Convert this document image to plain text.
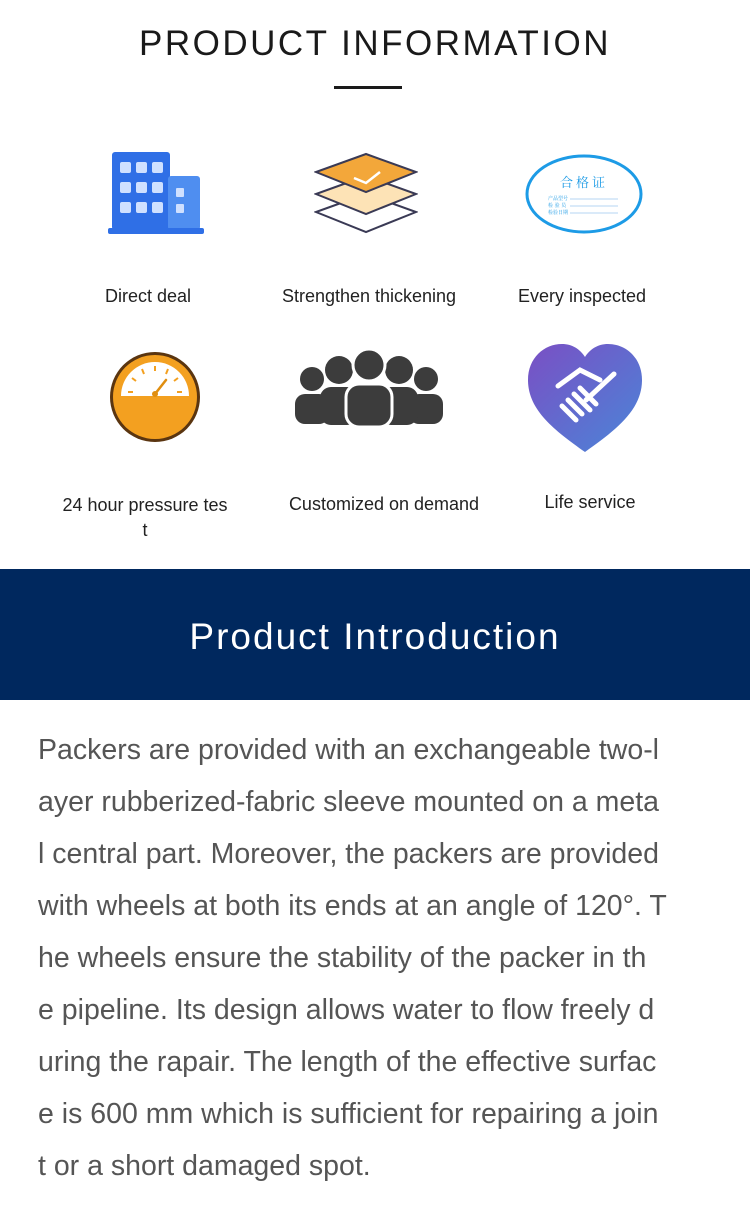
PRODUCT INFORMATION
Direct deal	Strengthen thickening
合格证
产品型号
检 验 员
检验日期
Every inspected
24 hour pressure tes
t
Customized on demand	Life service
Product Introduction
Packers are provided with an exchangeable two-l
ayer rubberized-fabric sleeve mounted on a meta
l central part. Moreover, the packers are provided
with wheels at both its ends at an angle of 120°. T
he wheels ensure the stability of the packer in th
e pipeline. Its design allows water to flow freely d
uring the rapair. The length of the effective surfac
e is 600 mm which is sufficient for repairing a join
t or a short damaged spot.
